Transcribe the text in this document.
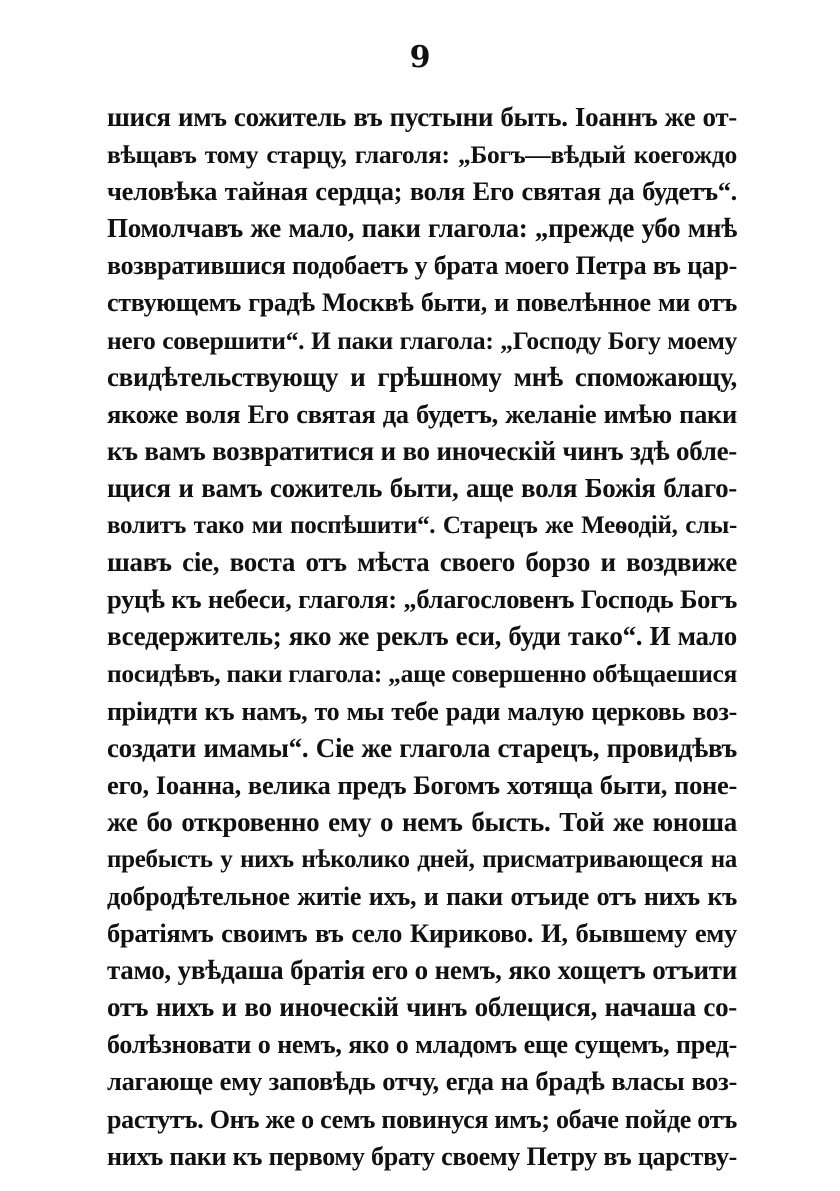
9
шися имъ сожитель въ пустыни быть. Іоаннъ же от-
вѣщавъ тому старцу, глаголя: „Богъ—вѣдый коегождо
человѣка тайная сердца; воля Его святая да будетъ“.
Помолчавъ же мало, паки глагола: „прежде убо мнѣ
возвратившися подобаетъ у брата моего Петра въ цар-
ствующемъ градѣ Москвѣ быти, и повелѣнное ми отъ
него совершити“. И паки глагола: „Господу Богу моему
свидѣтельствующу и грѣшному мнѣ споможающу,
якоже воля Его святая да будетъ, желаніе имѣю паки
къ вамъ возвратитися и во иноческій чинъ здѣ обле-
щися и вамъ сожитель быти, аще воля Божія благо-
волитъ тако ми поспѣшити“. Старецъ же Меѳодій, слы-
шавъ сіе, воста отъ мѣста своего борзо и воздвиже
руцѣ къ небеси, глаголя: „благословенъ Господь Богъ
вседержитель; яко же реклъ еси, буди тако“. И мало
посидѣвъ, паки глагола: „аще совершенно обѣщаешися
пріидти къ намъ, то мы тебе ради малую церковь воз-
создати имамы“. Сіе же глагола старецъ, провидѣвъ
его, Іоанна, велика предъ Богомъ хотяща быти, поне-
же бо откровенно ему о немъ бысть. Той же юноша
пребысть у нихъ нѣколико дней, присматривающеся на
добродѣтельное житіе ихъ, и паки отъиде отъ нихъ къ
братіямъ своимъ въ село Кириково. И, бывшему ему
тамо, увѣдаша братія его о немъ, яко хощетъ отъити
отъ нихъ и во иноческій чинъ облещися, начаша со-
болѣзновати о немъ, яко о младомъ еще сущемъ, пред-
лагающе ему заповѣдь отчу, егда на брадѣ власы воз-
растутъ. Онъ же о семъ повинуся имъ; обаче пойде отъ
нихъ паки къ первому брату своему Петру въ царству-
